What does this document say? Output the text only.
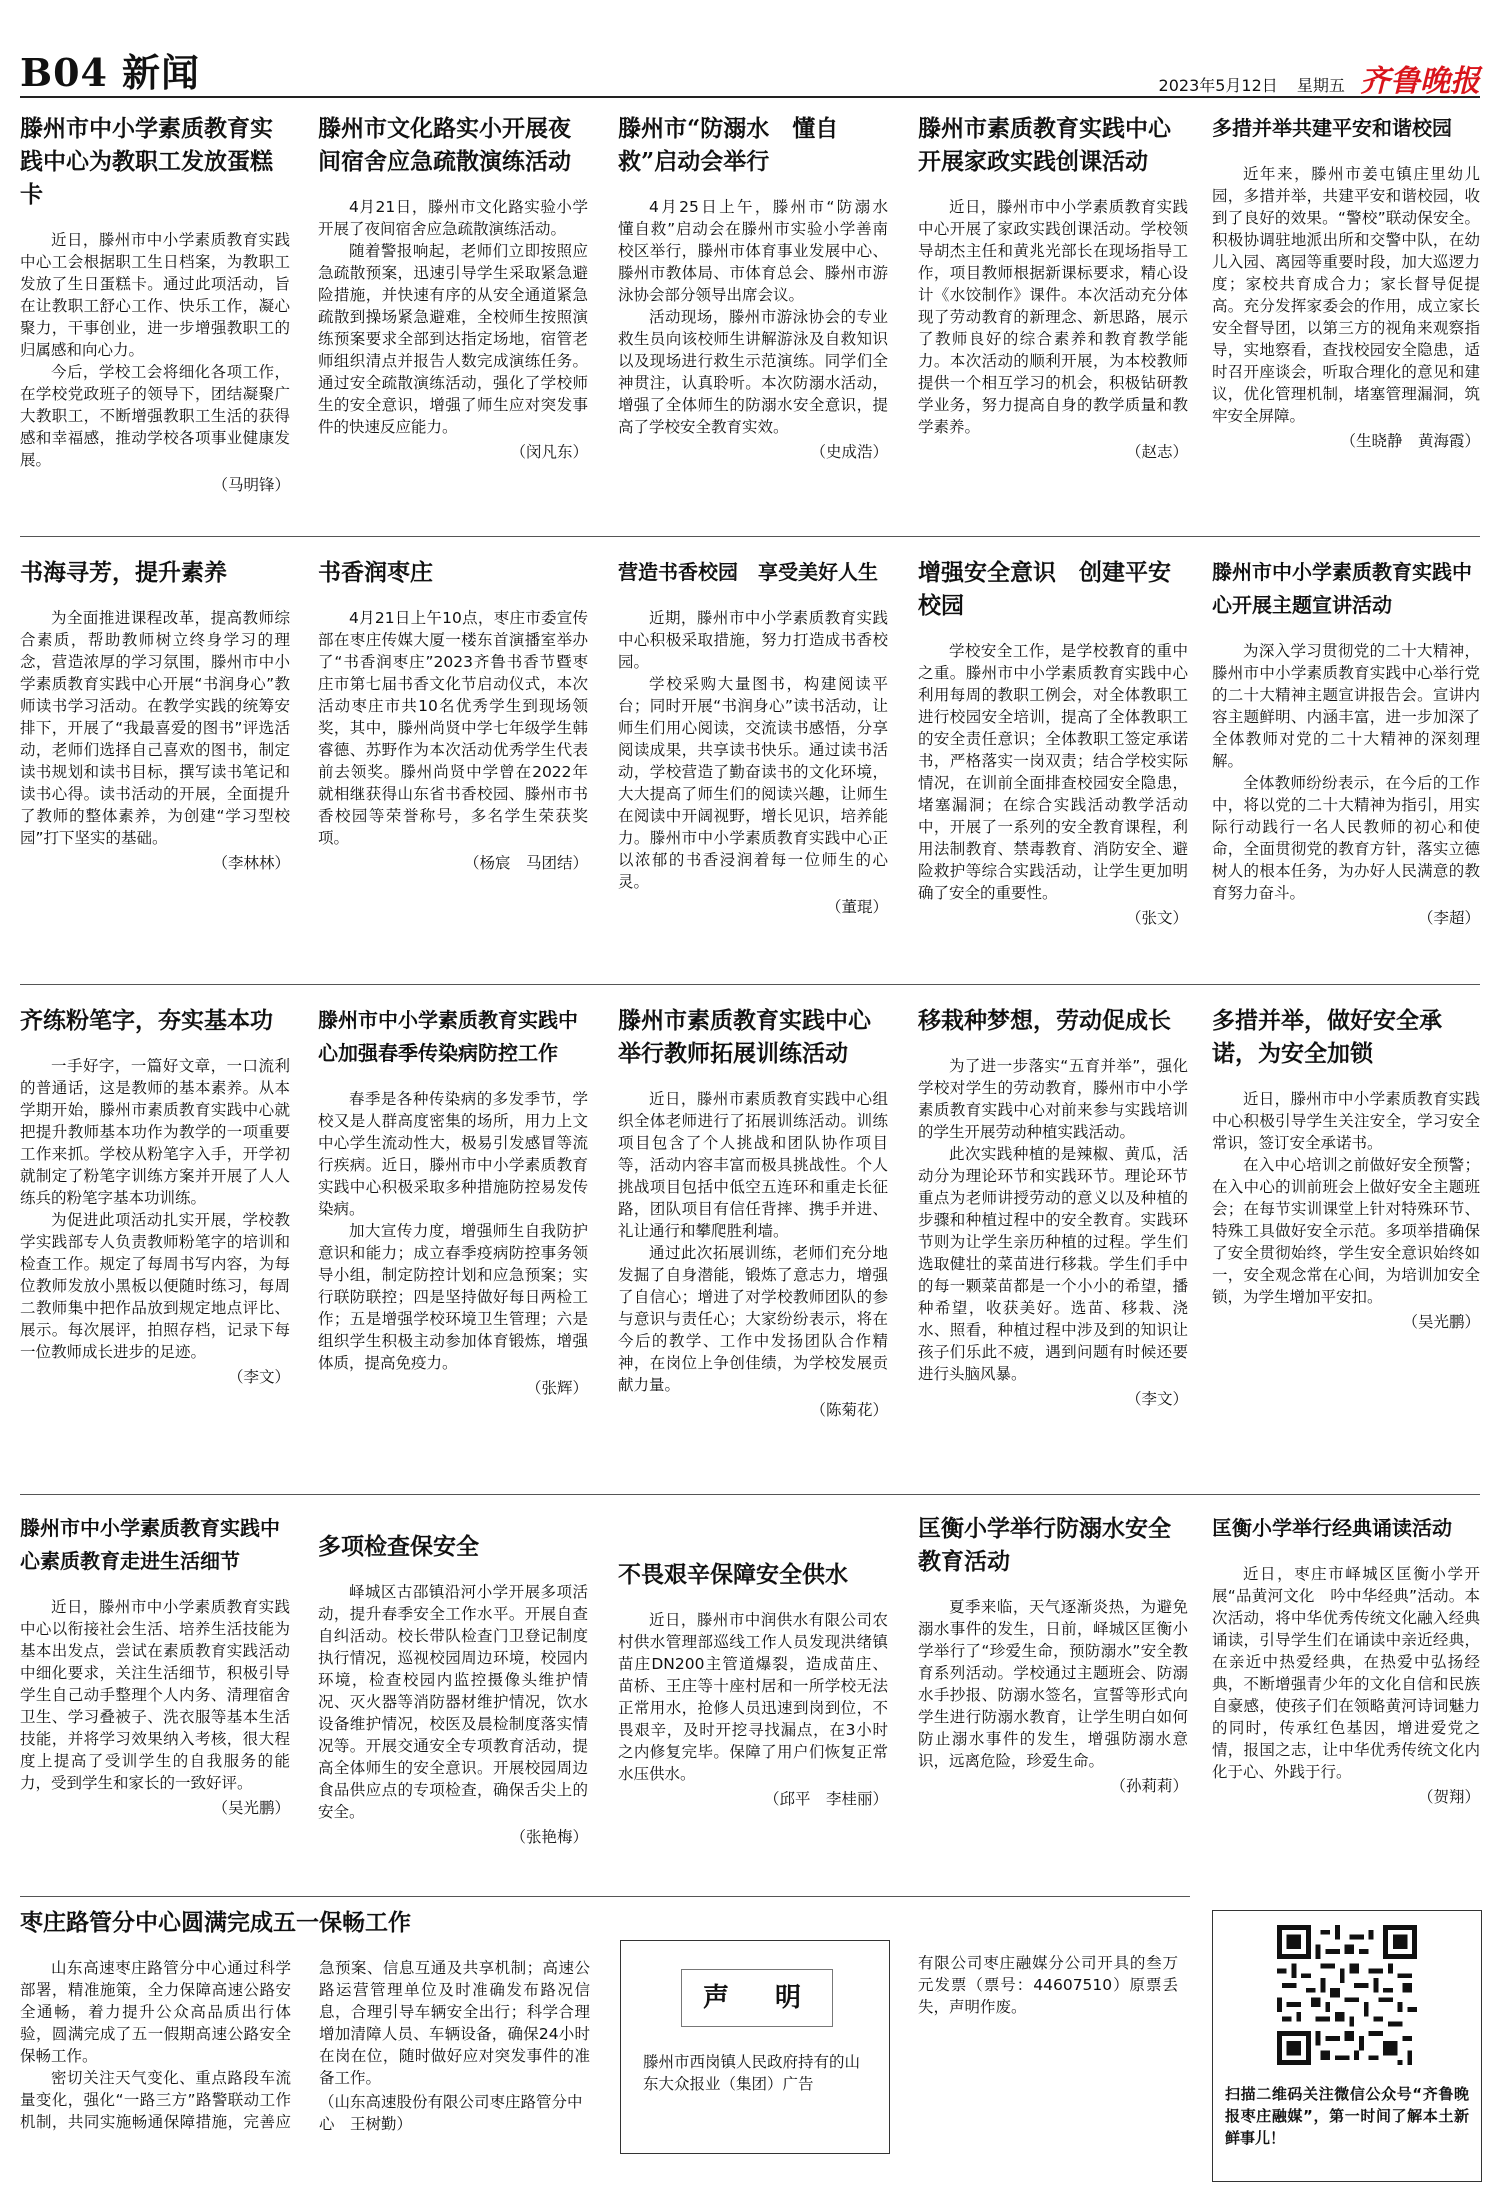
B04 新闻	2023年5月12日 星期五 齐鲁晚报
滕州市中小学素质教育实践中心为教职工发放蛋糕卡

近日，滕州市中小学素质教育实践中心工会根据职工生日档案，为教职工发放了生日蛋糕卡。通过此项活动，旨在让教职工舒心工作、快乐工作，凝心聚力，干事创业，进一步增强教职工的归属感和向心力。

今后，学校工会将细化各项工作，在学校党政班子的领导下，团结凝聚广大教职工，不断增强教职工生活的获得感和幸福感，推动学校各项事业健康发展。

（马明锋）
滕州市文化路实小开展夜间宿舍应急疏散演练活动

4月21日，滕州市文化路实验小学开展了夜间宿舍应急疏散演练活动。

随着警报响起，老师们立即按照应急疏散预案，迅速引导学生采取紧急避险措施，并快速有序的从安全通道紧急疏散到操场紧急避难，全校师生按照演练预案要求全部到达指定场地，宿管老师组织清点并报告人数完成演练任务。通过安全疏散演练活动，强化了学校师生的安全意识，增强了师生应对突发事件的快速反应能力。

（闵凡东）
滕州市“防溺水　懂自救”启动会举行

4月25日上午，滕州市“防溺水　懂自救”启动会在滕州市实验小学善南校区举行，滕州市体育事业发展中心、滕州市教体局、市体育总会、滕州市游泳协会部分领导出席会议。

活动现场，滕州市游泳协会的专业救生员向该校师生讲解游泳及自救知识以及现场进行救生示范演练。同学们全神贯注，认真聆听。本次防溺水活动，增强了全体师生的防溺水安全意识，提高了学校安全教育实效。

（史成浩）
滕州市素质教育实践中心开展家政实践创课活动

近日，滕州市中小学素质教育实践中心开展了家政实践创课活动。学校领导胡杰主任和黄兆光部长在现场指导工作，项目教师根据新课标要求，精心设计《水饺制作》课件。本次活动充分体现了劳动教育的新理念、新思路，展示了教师良好的综合素养和教育教学能力。本次活动的顺利开展，为本校教师提供一个相互学习的机会，积极钻研教学业务，努力提高自身的教学质量和教学素养。

（赵志）
多措并举共建平安和谐校园

近年来，滕州市姜屯镇庄里幼儿园，多措并举，共建平安和谐校园，收到了良好的效果。“警校”联动保安全。积极协调驻地派出所和交警中队，在幼儿入园、离园等重要时段，加大巡逻力度；家校共育成合力；家长督导促提高。充分发挥家委会的作用，成立家长安全督导团，以第三方的视角来观察指导，实地察看，查找校园安全隐患，适时召开座谈会，听取合理化的意见和建议，优化管理机制，堵塞管理漏洞，筑牢安全屏障。

（生晓静　黄海霞）
书海寻芳，提升素养

为全面推进课程改革，提高教师综合素质，帮助教师树立终身学习的理念，营造浓厚的学习氛围，滕州市中小学素质教育实践中心开展“书润身心”教师读书学习活动。在教学实践的统筹安排下，开展了“我最喜爱的图书”评选活动，老师们选择自己喜欢的图书，制定读书规划和读书目标，撰写读书笔记和读书心得。读书活动的开展，全面提升了教师的整体素养，为创建“学习型校园”打下坚实的基础。

（李林林）
书香润枣庄

4月21日上午10点，枣庄市委宣传部在枣庄传媒大厦一楼东首演播室举办了“书香润枣庄”2023齐鲁书香节暨枣庄市第七届书香文化节启动仪式，本次活动枣庄市共10名优秀学生到现场领奖，其中，滕州尚贤中学七年级学生韩睿德、苏野作为本次活动优秀学生代表前去领奖。滕州尚贤中学曾在2022年就相继获得山东省书香校园、滕州市书香校园等荣誉称号，多名学生荣获奖项。

（杨宸　马团结）
营造书香校园　享受美好人生

近期，滕州市中小学素质教育实践中心积极采取措施，努力打造成书香校园。

学校采购大量图书，构建阅读平台；同时开展“书润身心”读书活动，让师生们用心阅读，交流读书感悟，分享阅读成果，共享读书快乐。通过读书活动，学校营造了勤奋读书的文化环境，大大提高了师生们的阅读兴趣，让师生在阅读中开阔视野，增长见识，培养能力。滕州市中小学素质教育实践中心正以浓郁的书香浸润着每一位师生的心灵。

（董琨）
增强安全意识　创建平安校园

学校安全工作，是学校教育的重中之重。滕州市中小学素质教育实践中心利用每周的教职工例会，对全体教职工进行校园安全培训，提高了全体教职工的安全责任意识；全体教职工签定承诺书，严格落实一岗双责；结合学校实际情况，在训前全面排查校园安全隐患，堵塞漏洞；在综合实践活动教学活动中，开展了一系列的安全教育课程，利用法制教育、禁毒教育、消防安全、避险救护等综合实践活动，让学生更加明确了安全的重要性。

（张文）
滕州市中小学素质教育实践中心开展主题宣讲活动

为深入学习贯彻党的二十大精神，滕州市中小学素质教育实践中心举行党的二十大精神主题宣讲报告会。宣讲内容主题鲜明、内涵丰富，进一步加深了全体教师对党的二十大精神的深刻理解。

全体教师纷纷表示，在今后的工作中，将以党的二十大精神为指引，用实际行动践行一名人民教师的初心和使命，全面贯彻党的教育方针，落实立德树人的根本任务，为办好人民满意的教育努力奋斗。

（李超）
齐练粉笔字，夯实基本功

一手好字，一篇好文章，一口流利的普通话，这是教师的基本素养。从本学期开始，滕州市素质教育实践中心就把提升教师基本功作为教学的一项重要工作来抓。学校从粉笔字入手，开学初就制定了粉笔字训练方案并开展了人人练兵的粉笔字基本功训练。

为促进此项活动扎实开展，学校教学实践部专人负责教师粉笔字的培训和检查工作。规定了每周书写内容，为每位教师发放小黑板以便随时练习，每周二教师集中把作品放到规定地点评比、展示。每次展评，拍照存档，记录下每一位教师成长进步的足迹。

（李文）
滕州市中小学素质教育实践中心加强春季传染病防控工作

春季是各种传染病的多发季节，学校又是人群高度密集的场所，用力上文中心学生流动性大，极易引发感冒等流行疾病。近日，滕州市中小学素质教育实践中心积极采取多种措施防控易发传染病。

加大宣传力度，增强师生自我防护意识和能力；成立春季疫病防控事务领导小组，制定防控计划和应急预案；实行联防联控；四是坚持做好每日两检工作；五是增强学校环境卫生管理；六是组织学生积极主动参加体育锻炼，增强体质，提高免疫力。

（张辉）
滕州市素质教育实践中心举行教师拓展训练活动

近日，滕州市素质教育实践中心组织全体老师进行了拓展训练活动。训练项目包含了个人挑战和团队协作项目等，活动内容丰富而极具挑战性。个人挑战项目包括中低空五连环和重走长征路，团队项目有信任背摔、携手并进、礼让通行和攀爬胜利墙。

通过此次拓展训练，老师们充分地发掘了自身潜能，锻炼了意志力，增强了自信心；增进了对学校教师团队的参与意识与责任心；大家纷纷表示，将在今后的教学、工作中发扬团队合作精神，在岗位上争创佳绩，为学校发展贡献力量。

（陈菊花）
移栽种梦想，劳动促成长

为了进一步落实“五育并举”，强化学校对学生的劳动教育，滕州市中小学素质教育实践中心对前来参与实践培训的学生开展劳动种植实践活动。

此次实践种植的是辣椒、黄瓜，活动分为理论环节和实践环节。理论环节重点为老师讲授劳动的意义以及种植的步骤和种植过程中的安全教育。实践环节则为让学生亲历种植的过程。学生们选取健壮的菜苗进行移栽。学生们手中的每一颗菜苗都是一个小小的希望，播种希望，收获美好。选苗、移栽、浇水、照看，种植过程中涉及到的知识让孩子们乐此不疲，遇到问题有时候还要进行头脑风暴。

（李文）
多措并举，做好安全承诺，为安全加锁

近日，滕州市中小学素质教育实践中心积极引导学生关注安全，学习安全常识，签订安全承诺书。

在入中心培训之前做好安全预警；在入中心的训前班会上做好安全主题班会；在每节实训课堂上针对特殊环节、特殊工具做好安全示范。多项举措确保了安全贯彻始终，学生安全意识始终如一，安全观念常在心间，为培训加安全锁，为学生增加平安扣。

（吴光鹏）
滕州市中小学素质教育实践中心素质教育走进生活细节

近日，滕州市中小学素质教育实践中心以衔接社会生活、培养生活技能为基本出发点，尝试在素质教育实践活动中细化要求，关注生活细节，积极引导学生自己动手整理个人内务、清理宿舍卫生、学习叠被子、洗衣服等基本生活技能，并将学习效果纳入考核，很大程度上提高了受训学生的自我服务的能力，受到学生和家长的一致好评。

（吴光鹏）
多项检查保安全

峄城区古邵镇沿河小学开展多项活动，提升春季安全工作水平。开展自查自纠活动。校长带队检查门卫登记制度执行情况，巡视校园周边环境，校园内环境，检查校园内监控摄像头维护情况、灭火器等消防器材维护情况，饮水设备维护情况，校医及晨检制度落实情况等。开展交通安全专项教育活动，提高全体师生的安全意识。开展校园周边食品供应点的专项检查，确保舌尖上的安全。

（张艳梅）
不畏艰辛保障安全供水

近日，滕州市中润供水有限公司农村供水管理部巡线工作人员发现洪绪镇苗庄DN200主管道爆裂，造成苗庄、苗桥、王庄等十座村居和一所学校无法正常用水，抢修人员迅速到岗到位，不畏艰辛，及时开挖寻找漏点，在3小时之内修复完毕。保障了用户们恢复正常水压供水。

（邱平　李桂丽）
匡衡小学举行防溺水安全教育活动

夏季来临，天气逐渐炎热，为避免溺水事件的发生，日前，峄城区匡衡小学举行了“珍爱生命，预防溺水”安全教育系列活动。学校通过主题班会、防溺水手抄报、防溺水签名，宣誓等形式向学生进行防溺水教育，让学生明白如何防止溺水事件的发生，增强防溺水意识，远离危险，珍爱生命。

（孙莉莉）
匡衡小学举行经典诵读活动

近日，枣庄市峄城区匡衡小学开展“品黄河文化　吟中华经典”活动。本次活动，将中华优秀传统文化融入经典诵读，引导学生们在诵读中亲近经典，在亲近中热爱经典，在热爱中弘扬经典，不断增强青少年的文化自信和民族自豪感，使孩子们在领略黄河诗词魅力的同时，传承红色基因，增进爱党之情，报国之志，让中华优秀传统文化内化于心、外践于行。

（贺翔）
枣庄路管分中心圆满完成五一保畅工作

山东高速枣庄路管分中心通过科学部署，精准施策，全力保障高速公路安全通畅，着力提升公众高品质出行体验，圆满完成了五一假期高速公路安全保畅工作。

密切关注天气变化、重点路段车流量变化，强化“一路三方”路警联动工作机制，共同实施畅通保障措施，完善应急预案、信息互通及共享机制；高速公路运营管理单位及时准确发布路况信息，合理引导车辆安全出行；科学合理增加清障人员、车辆设备，确保24小时在岗在位，随时做好应对突发事件的准备工作。

（山东高速股份有限公司枣庄路管分中心　王树勤）
声　明
滕州市西岗镇人民政府持有的山东大众报业（集团）广告
有限公司枣庄融媒分公司开具的叁万元发票（票号：44607510）原票丢失，声明作废。
扫描二维码关注微信公众号“齐鲁晚报枣庄融媒”，第一时间了解本土新鲜事儿！
